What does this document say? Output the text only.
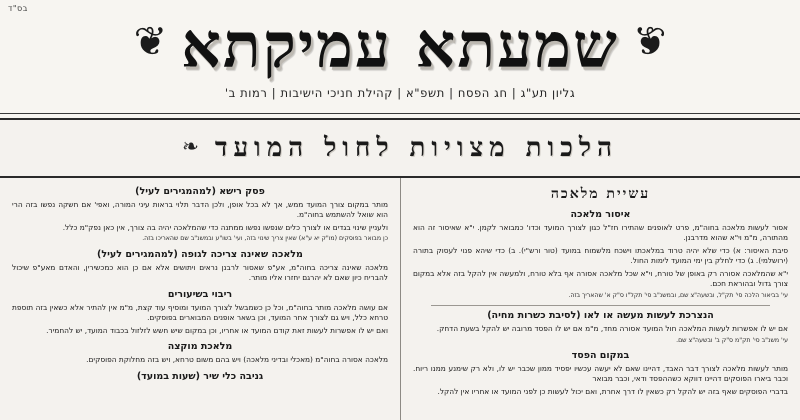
בס"ד
❦
שמעתא עמיקתא
❦
גליון תע"ג | חג הפסח | תשפ"א | קהילת חניכי הישיבות | רמות ב'
הלכות מצויות לחול המועד
❧
עשיית מלאכה
איסור מלאכה

אסור לעשות מלאכה בחוה"מ, פרט לאופנים שהתירו חז"ל כגון לצורך המועד וכדו' כמבואר לקמן. י"א שאיסור זה הוא מהתורה, מ"מ וי"א שהוא מדרבנן.

סיבת האיסור: א) כדי שלא יהיה טרוד במלאכתו וישכח מלשמוח במועד (טור ורש"י). ב) כדי שיהא פנוי לעסוק בתורה (ירושלמי). ג) כדי לחלק בין ימי המועד לימות החול.

י"א שהמלאכה אסורה רק באופן של טורח, וי"א שכל מלאכה אסורה אף בלא טורח, ולמעשה אין להקל בזה אלא במקום צורך גדול ובהוראת חכם.

עי' בביאור הלכה סי' תק"ל, ובשעה"צ שם, ובמשנ"ב סי' תקל"ו ס"ק א' שהאריך בזה.

הנצרכת לעשות מעשה או לאו (לסיבת כשרות מחיה)

אם יש לו אפשרות לעשות המלאכה חול המועד אסורה מחד, מ"מ אם יש לו הפסד מרובה יש להקל בשעת הדחק.

עי' משנ"ב סי' תק"מ ס"ק ב' ובשעה"צ שם.

במקום הפסד

מותר לעשות מלאכה לצורך דבר האבד, דהיינו שאם לא יעשה עכשיו יפסיד ממון שכבר יש לו, ולא רק שימנע ממנו ריוח. וכבר ביארו הפוסקים דהיינו דווקא כשההפסד ודאי, וכבר מבואר

בדברי הפוסקים שאף בזה יש להקל רק כשאין לו דרך אחרת, ואם יכול לעשות כן לפני המועד או אחריו אין להקל.

פסק רישא (למהמגירים לעיל)

מותר במקום צורך המועד ממש, אך לא בכל אופן, ולכן הדבר תלוי בראות עיני המורה, ואפי' אם חשקה נפשו בזה הרי הוא שואל להשתמש בחוה"מ.

ולעניין שינוי בגדים או לצורך כלים שנפשו נפשו ממתנה כדי שהמלאכה יהיה בה צורך, אין כאן נפק"מ כלל.

כן מבואר בפוסקים (מו"ק יא ע"א) שאין צריך שינוי בזה, ועי' בשו"ע ובמשנ"ב שם שהאריכו בזה.

מלאכה שאינה צריכה לגופה (למהמגירים לעיל)

מלאכה שאינה צריכה בחוה"מ, אע"פ שאסור לרבנן נראים ויתושים אלא אם כן הוא כמכשירין, והאדם מאע"פ שיכול להבריח כיון שאם לא יהרגם יחזרו אליו מותר.

ריבוי בשיעורים

אם עושה מלאכה מותר בחוה"מ, וכל כן כשמבשל לצורך המועד ומוסיף עוד קצת, מ"מ אין להתיר אלא כשאין בזה תוספת טרחא כלל, ויש גם לצורך אחר המועד, וכן בשאר אופנים המבוארים בפוסקים.

ואם יש לו אפשרות לעשות זאת קודם המועד או אחריו, וכן במקום שיש חשש לזלזול בכבוד המועד, יש להחמיר.

מלאכת מוקצה

מלאכה אסורה בחוה"מ (מאכלי ובדיני מלאכה) ויש בהם משום טרחא, ויש בזה מחלוקת הפוסקים.

גניבה כלי שיר (שעות במועד)
